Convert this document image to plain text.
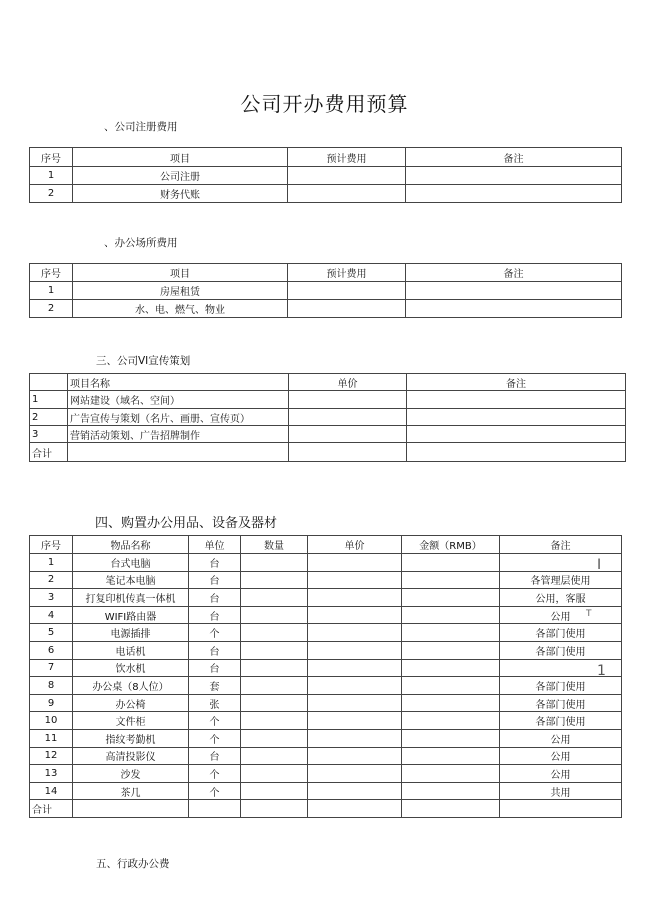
公司开办费用预算
、公司注册费用
序号	项目	预计费用	备注
1	公司注册		
2	财务代账		
、办公场所费用
序号	项目	预计费用	备注
1	房屋租赁		
2	水、电、燃气、物业		
三、公司VI宣传策划
	项目名称	单价	备注
1	网站建设（域名、空间）		
2	广告宣传与策划（名片、画册、宣传页）		
3	营销活动策划、广告招牌制作		
合计			
四、购置办公用品、设备及器材
序号	物品名称	单位	数量	单价	金额（RMB）	备注
1	台式电脑	台				
2	笔记本电脑	台				各管理层使用
3	打复印机传真一体机	台				公用，客服
4	WIFI路由器	台				公用
5	电源插排	个				各部门使用
6	电话机	台				各部门使用
7	饮水机	台				
8	办公桌（8人位）	套				各部门使用
9	办公椅	张				各部门使用
10	文件柜	个				各部门使用
11	指纹考勤机	个				公用
12	高清投影仪	台				公用
13	沙发	个				公用
14	茶几	个				共用
合计						
I
T
1
五、行政办公费
